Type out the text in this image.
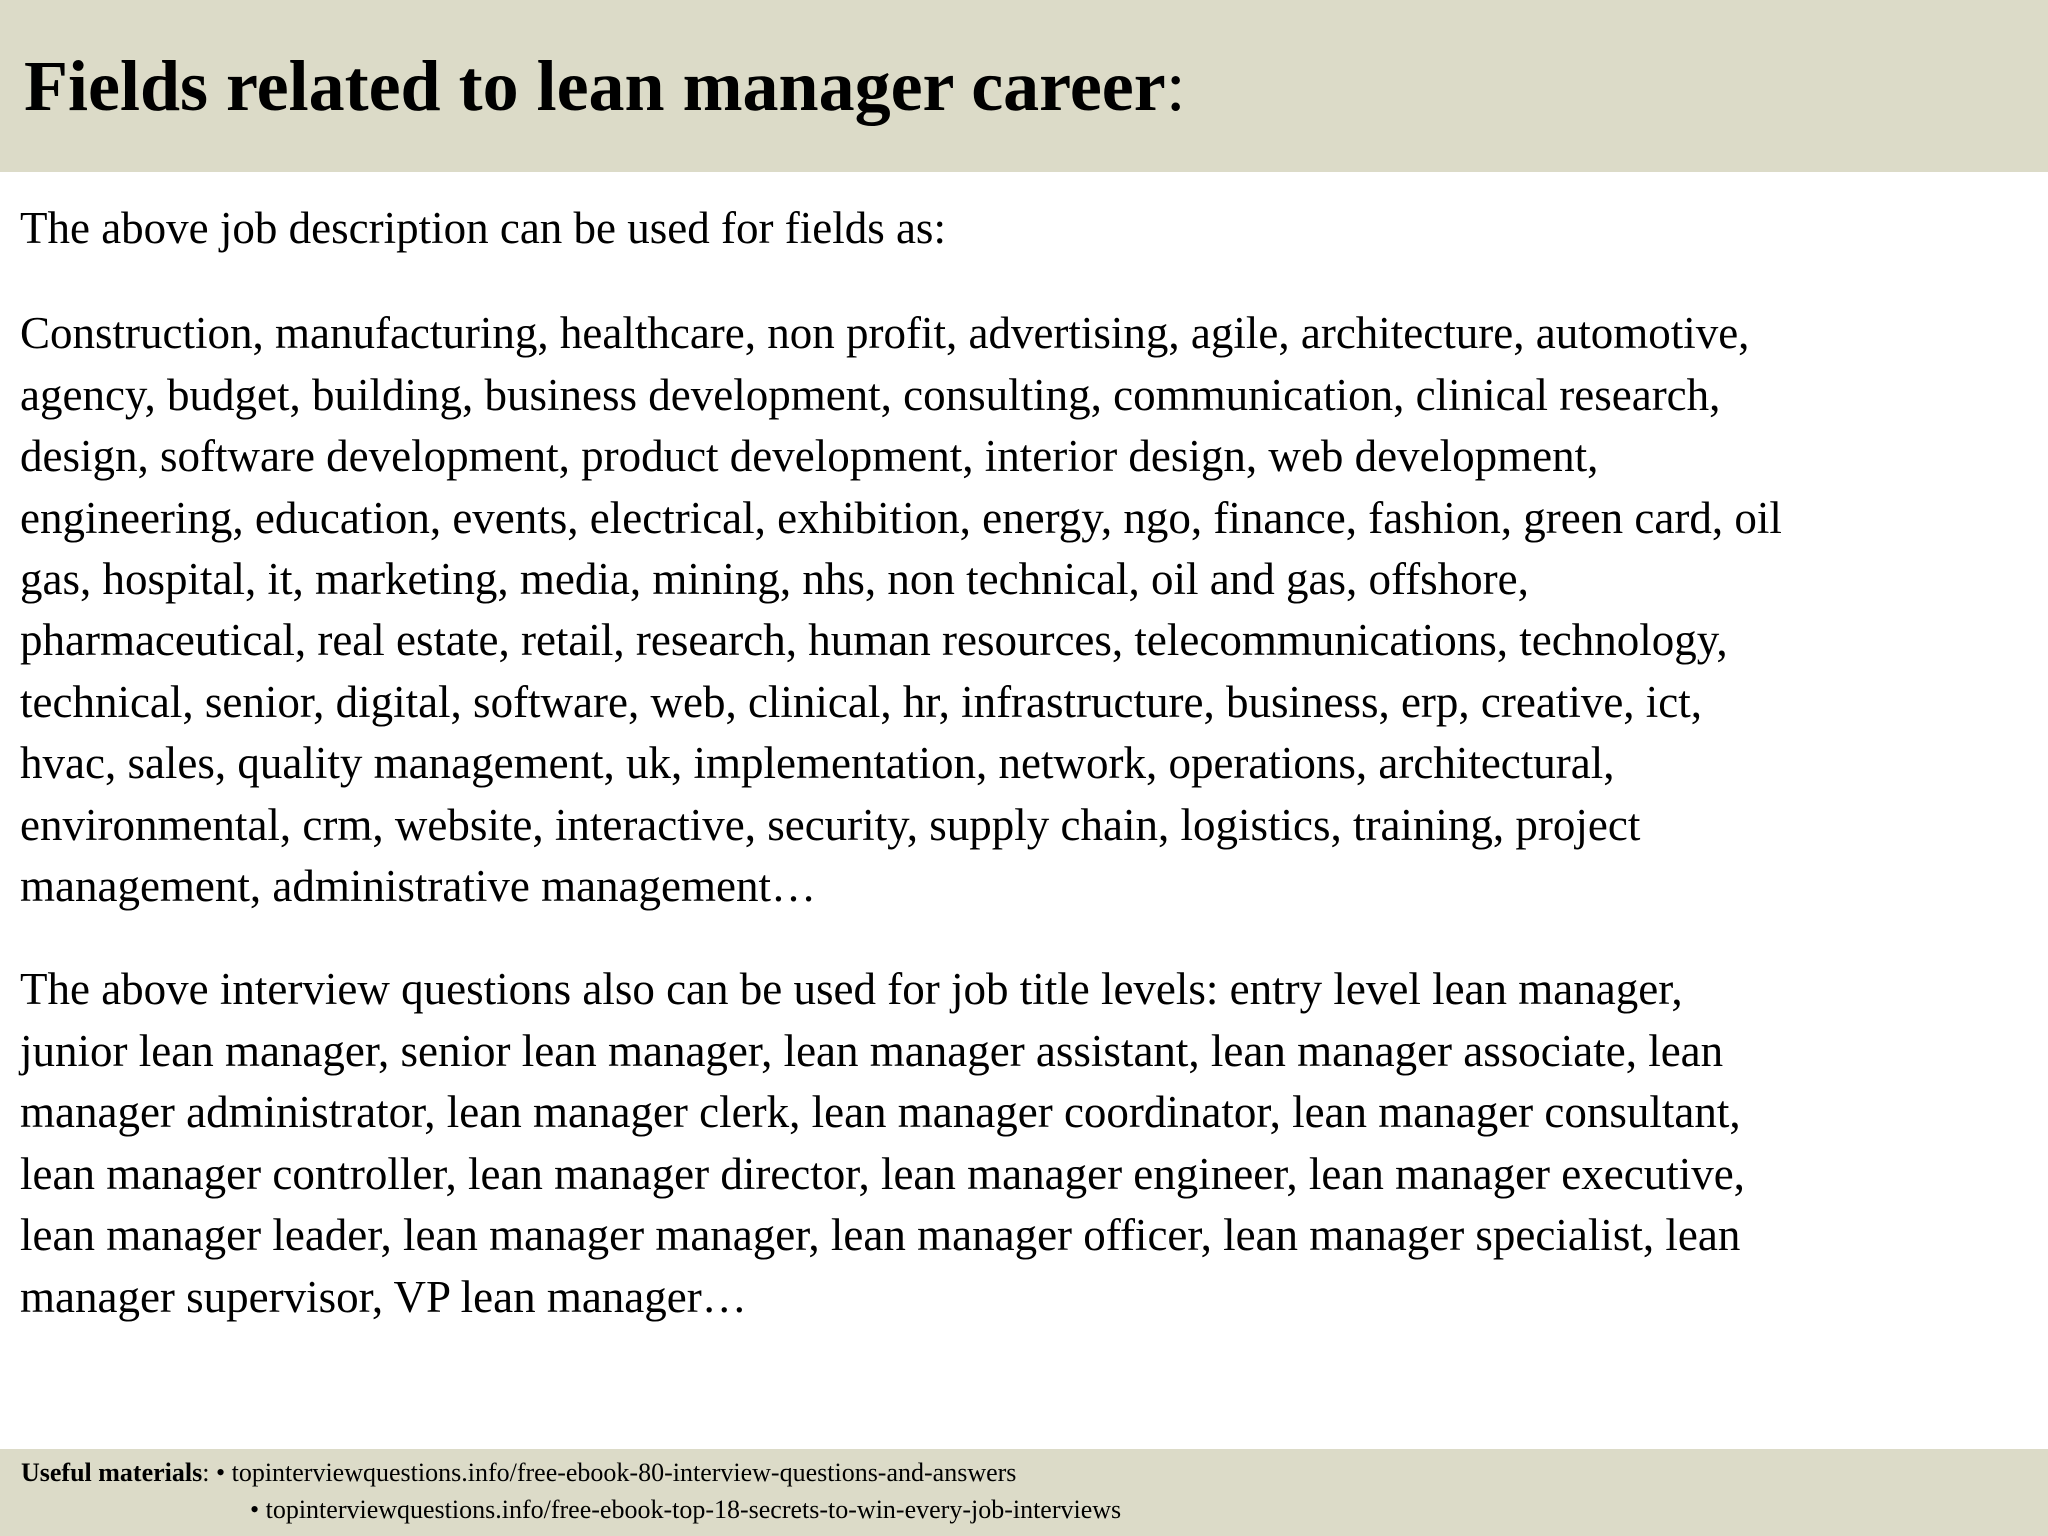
Fields related to lean manager career:

The above job description can be used for fields as:

Construction, manufacturing, healthcare, non profit, advertising, agile, architecture, automotive,
agency, budget, building, business development, consulting, communication, clinical research,
design, software development, product development, interior design, web development,
engineering, education, events, electrical, exhibition, energy, ngo, finance, fashion, green card, oil
gas, hospital, it, marketing, media, mining, nhs, non technical, oil and gas, offshore,
pharmaceutical, real estate, retail, research, human resources, telecommunications, technology,
technical, senior, digital, software, web, clinical, hr, infrastructure, business, erp, creative, ict,
hvac, sales, quality management, uk, implementation, network, operations, architectural,
environmental, crm, website, interactive, security, supply chain, logistics, training, project
management, administrative management…

The above interview questions also can be used for job title levels: entry level lean manager,
junior lean manager, senior lean manager, lean manager assistant, lean manager associate, lean
manager administrator, lean manager clerk, lean manager coordinator, lean manager consultant,
lean manager controller, lean manager director, lean manager engineer, lean manager executive,
lean manager leader, lean manager manager, lean manager officer, lean manager specialist, lean
manager supervisor, VP lean manager…

Useful materials: • topinterviewquestions.info/free-ebook-80-interview-questions-and-answers
• topinterviewquestions.info/free-ebook-top-18-secrets-to-win-every-job-interviews
